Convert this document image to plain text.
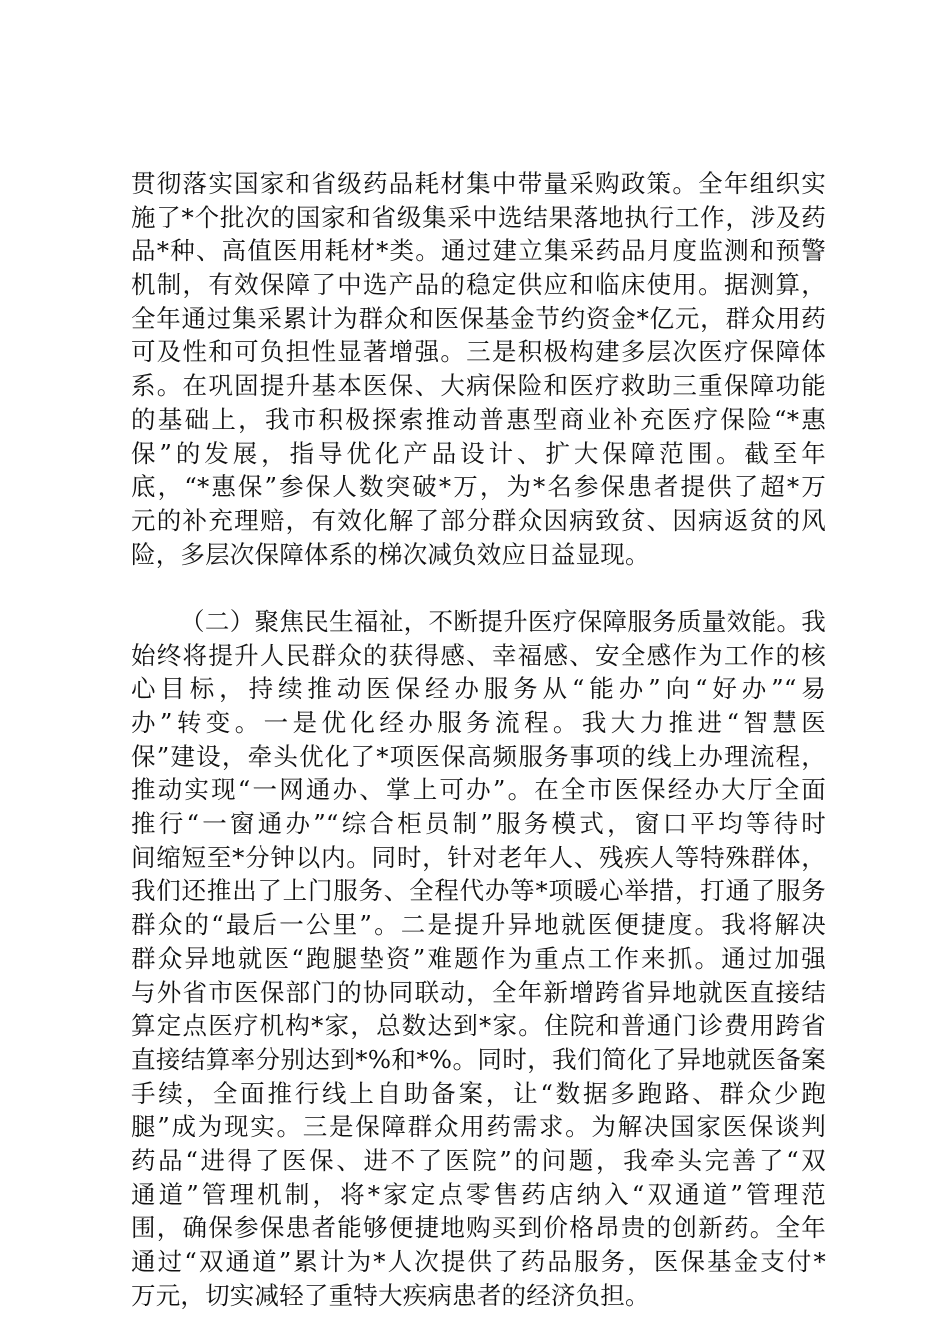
贯彻落实国家和省级药品耗材集中带量采购政策。全年组织实
施了*个批次的国家和省级集采中选结果落地执行工作，涉及药
品*种、高值医用耗材*类。通过建立集采药品月度监测和预警
机制，有效保障了中选产品的稳定供应和临床使用。据测算，
全年通过集采累计为群众和医保基金节约资金*亿元，群众用药
可及性和可负担性显著增强。三是积极构建多层次医疗保障体
系。在巩固提升基本医保、大病保险和医疗救助三重保障功能
的基础上，我市积极探索推动普惠型商业补充医疗保险“*惠
保”的发展，指导优化产品设计、扩大保障范围。截至年
底，“*惠保”参保人数突破*万，为*名参保患者提供了超*万
元的补充理赔，有效化解了部分群众因病致贫、因病返贫的风
险，多层次保障体系的梯次减负效应日益显现。
（二）聚焦民生福祉，不断提升医疗保障服务质量效能。我
始终将提升人民群众的获得感、幸福感、安全感作为工作的核
心目标，持续推动医保经办服务从“能办”向“好办”“易
办”转变。一是优化经办服务流程。我大力推进“智慧医
保”建设，牵头优化了*项医保高频服务事项的线上办理流程，
推动实现“一网通办、掌上可办”。在全市医保经办大厅全面
推行“一窗通办”“综合柜员制”服务模式，窗口平均等待时
间缩短至*分钟以内。同时，针对老年人、残疾人等特殊群体，
我们还推出了上门服务、全程代办等*项暖心举措，打通了服务
群众的“最后一公里”。二是提升异地就医便捷度。我将解决
群众异地就医“跑腿垫资”难题作为重点工作来抓。通过加强
与外省市医保部门的协同联动，全年新增跨省异地就医直接结
算定点医疗机构*家，总数达到*家。住院和普通门诊费用跨省
直接结算率分别达到*%和*%。同时，我们简化了异地就医备案
手续，全面推行线上自助备案，让“数据多跑路、群众少跑
腿”成为现实。三是保障群众用药需求。为解决国家医保谈判
药品“进得了医保、进不了医院”的问题，我牵头完善了“双
通道”管理机制，将*家定点零售药店纳入“双通道”管理范
围，确保参保患者能够便捷地购买到价格昂贵的创新药。全年
通过“双通道”累计为*人次提供了药品服务，医保基金支付*
万元，切实减轻了重特大疾病患者的经济负担。
